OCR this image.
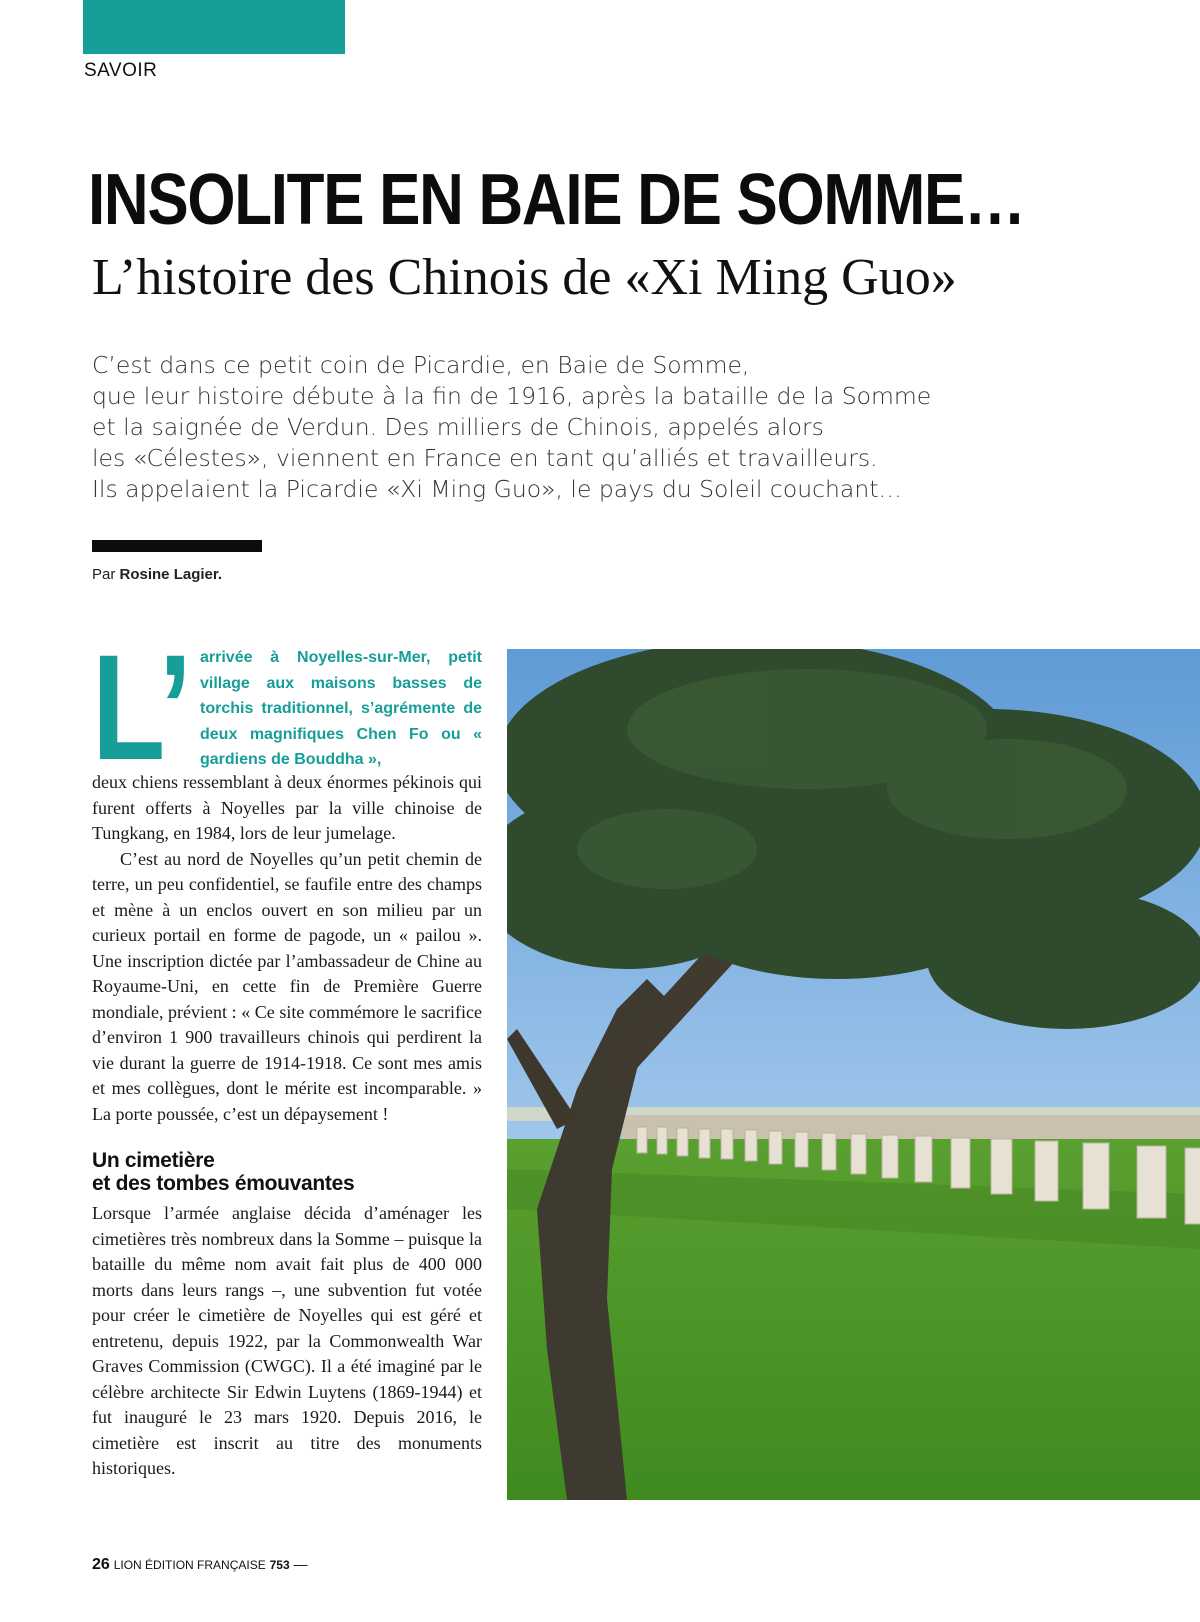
SAVOIR
INSOLITE EN BAIE DE SOMME…
L’histoire des Chinois de «Xi Ming Guo»
C’est dans ce petit coin de Picardie, en Baie de Somme,
que leur histoire débute à la fin de 1916, après la bataille de la Somme
et la saignée de Verdun. Des milliers de Chinois, appelés alors
les «Célestes», viennent en France en tant qu’alliés et travailleurs.
Ils appelaient la Picardie «Xi Ming Guo», le pays du Soleil couchant…
Par Rosine Lagier.
L’ arrivée à Noyelles-sur-Mer, petit village aux maisons basses de torchis traditionnel, s’agrémente de deux magnifiques Chen Fo ou « gardiens de Bouddha »,

deux chiens ressemblant à deux énormes pékinois qui furent offerts à Noyelles par la ville chinoise de Tungkang, en 1984, lors de leur jumelage.

C’est au nord de Noyelles qu’un petit chemin de terre, un peu confidentiel, se faufile entre des champs et mène à un enclos ouvert en son milieu par un curieux portail en forme de pagode, un « pailou ». Une inscription dictée par l’ambassadeur de Chine au Royaume-Uni, en cette fin de Première Guerre mondiale, prévient : « Ce site commémore le sacrifice d’environ 1 900 travailleurs chinois qui perdirent la vie durant la guerre de 1914-1918. Ce sont mes amis et mes collègues, dont le mérite est incomparable. » La porte poussée, c’est un dépaysement !

Un cimetière
et des tombes émouvantes

Lorsque l’armée anglaise décida d’aménager les cimetières très nombreux dans la Somme – puisque la bataille du même nom avait fait plus de 400 000 morts dans leurs rangs –, une subvention fut votée pour créer le cimetière de Noyelles qui est géré et entretenu, depuis 1922, par la Commonwealth War Graves Commission (CWGC). Il a été imaginé par le célèbre architecte Sir Edwin Luytens (1869-1944) et fut inauguré le 23 mars 1920. Depuis 2016, le cimetière est inscrit au titre des monuments historiques.

26 LION ÉDITION FRANÇAISE 753 —
